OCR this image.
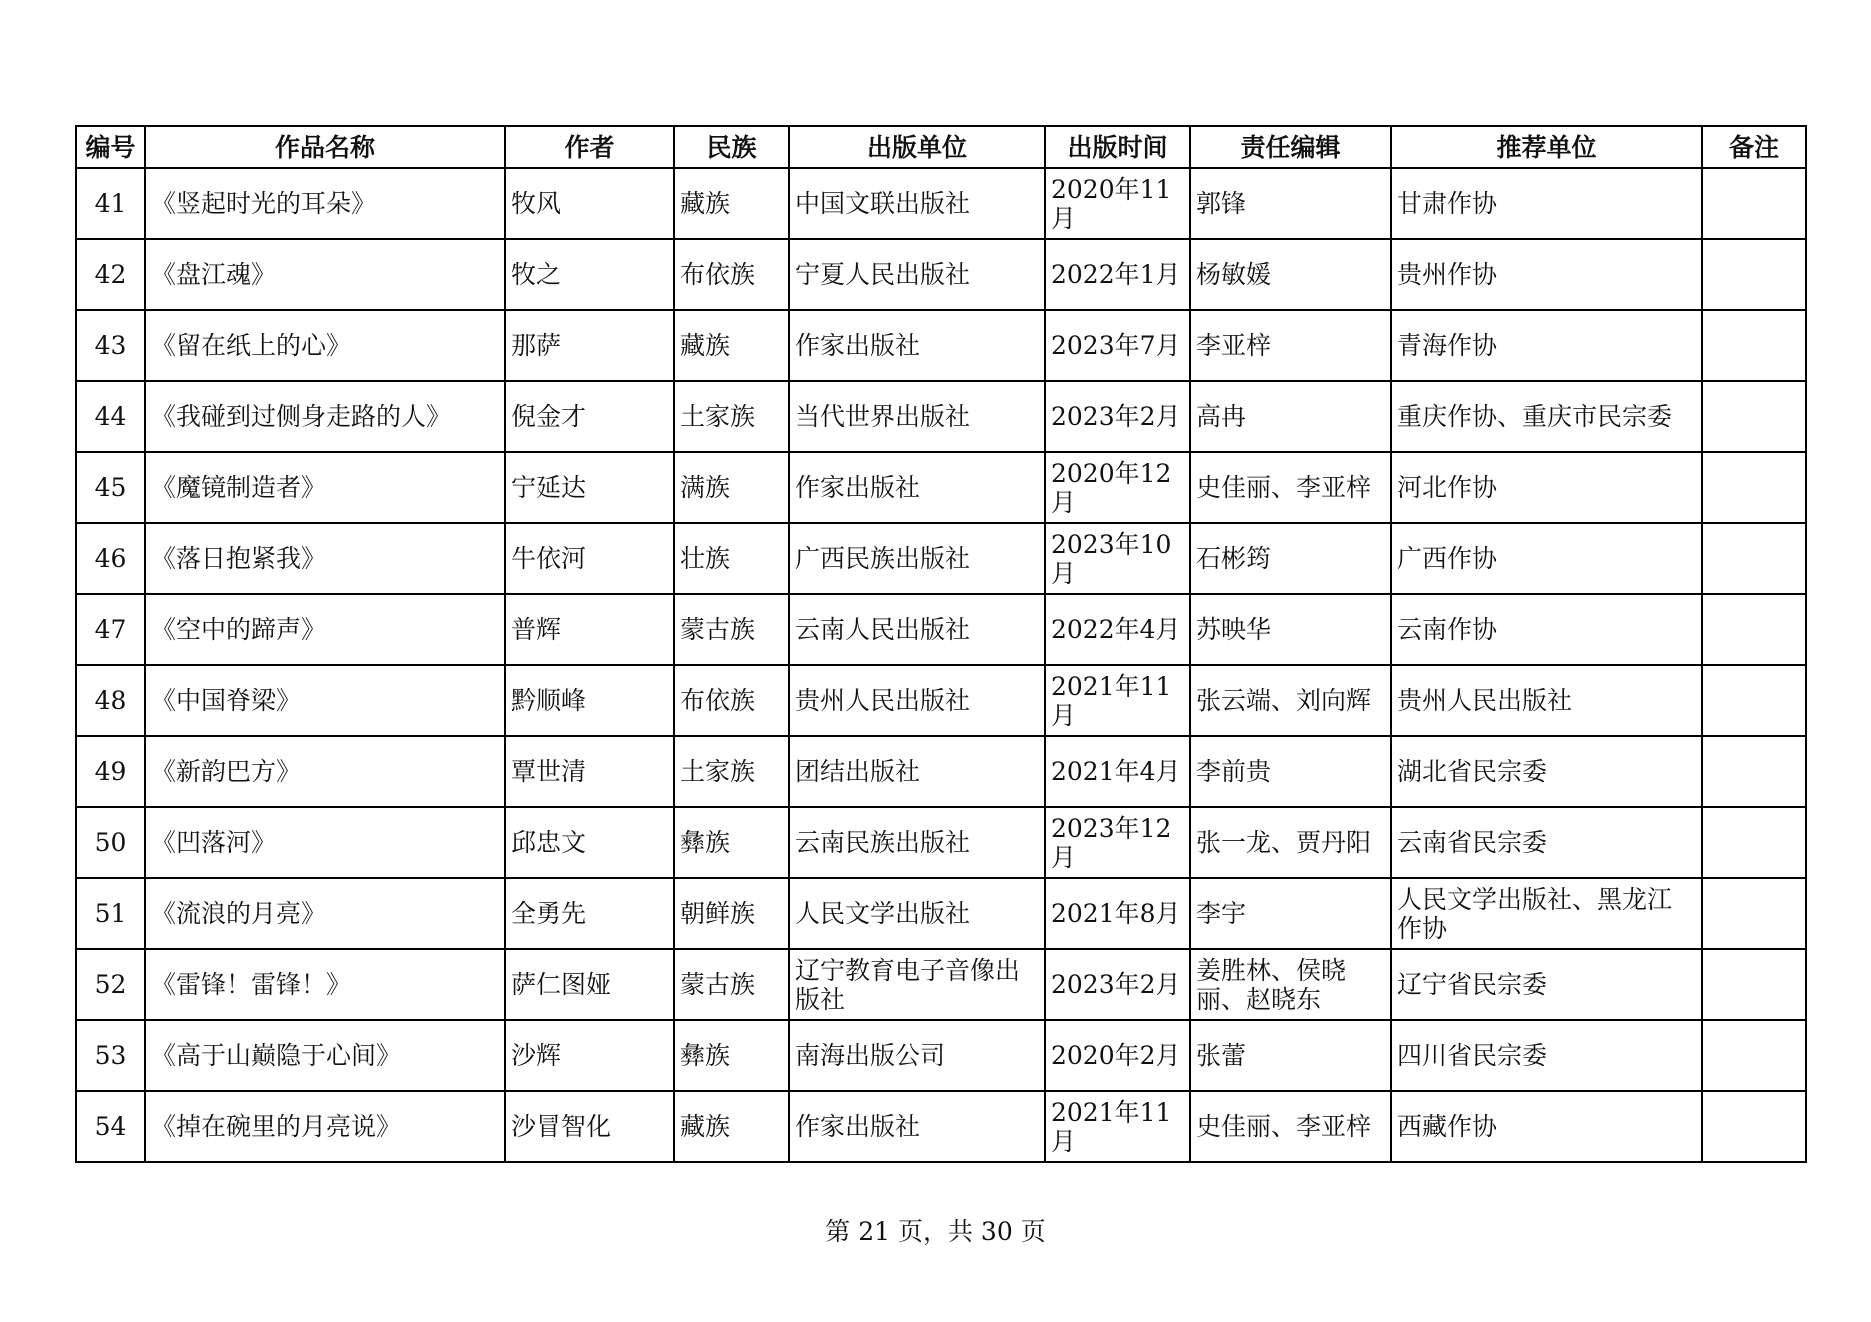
编号	作品名称	作者	民族	出版单位	出版时间	责任编辑	推荐单位	备注
41	《竖起时光的耳朵》	牧风	藏族	中国文联出版社	2020年11月	郭锋	甘肃作协	
42	《盘江魂》	牧之	布依族	宁夏人民出版社	2022年1月	杨敏媛	贵州作协	
43	《留在纸上的心》	那萨	藏族	作家出版社	2023年7月	李亚梓	青海作协	
44	《我碰到过侧身走路的人》	倪金才	土家族	当代世界出版社	2023年2月	高冉	重庆作协、重庆市民宗委	
45	《魔镜制造者》	宁延达	满族	作家出版社	2020年12月	史佳丽、李亚梓	河北作协	
46	《落日抱紧我》	牛依河	壮族	广西民族出版社	2023年10月	石彬筠	广西作协	
47	《空中的蹄声》	普辉	蒙古族	云南人民出版社	2022年4月	苏映华	云南作协	
48	《中国脊梁》	黔顺峰	布依族	贵州人民出版社	2021年11月	张云端、刘向辉	贵州人民出版社	
49	《新韵巴方》	覃世清	土家族	团结出版社	2021年4月	李前贵	湖北省民宗委	
50	《凹落河》	邱忠文	彝族	云南民族出版社	2023年12月	张一龙、贾丹阳	云南省民宗委	
51	《流浪的月亮》	全勇先	朝鲜族	人民文学出版社	2021年8月	李宇	人民文学出版社、黑龙江作协	
52	《雷锋！雷锋！》	萨仁图娅	蒙古族	辽宁教育电子音像出版社	2023年2月	姜胜林、侯晓丽、赵晓东	辽宁省民宗委	
53	《高于山巅隐于心间》	沙辉	彝族	南海出版公司	2020年2月	张蕾	四川省民宗委	
54	《掉在碗里的月亮说》	沙冒智化	藏族	作家出版社	2021年11月	史佳丽、李亚梓	西藏作协	
第 21 页，共 30 页
